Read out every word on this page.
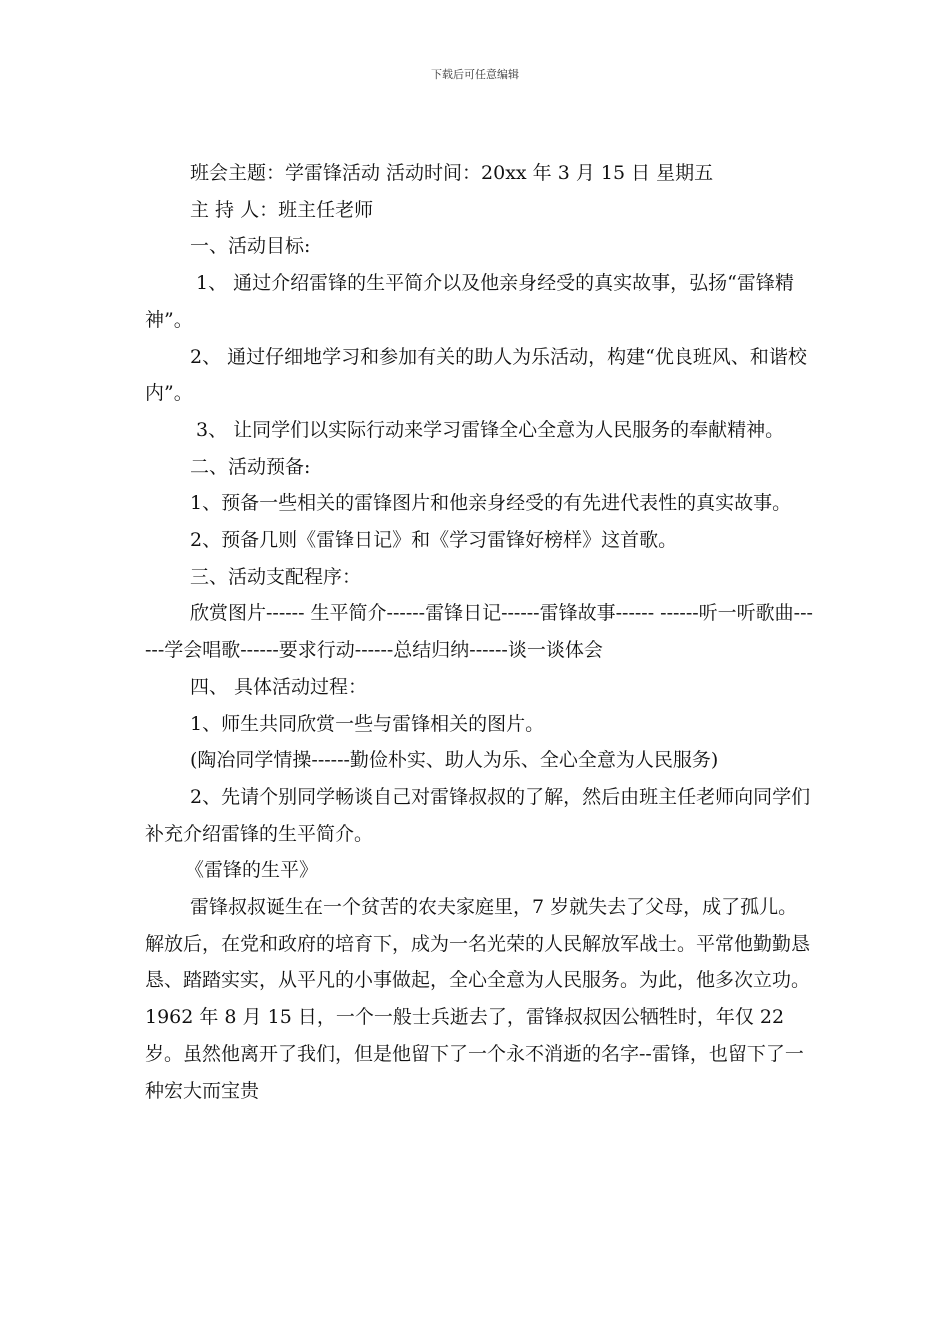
下载后可任意编辑

班会主题：学雷锋活动 活动时间：20xx 年 3 月 15 日 星期五

主 持 人：班主任老师

一、活动目标:

1、 通过介绍雷锋的生平简介以及他亲身经受的真实故事，弘扬“雷锋精神”。

2、 通过仔细地学习和参加有关的助人为乐活动，构建“优良班风、和谐校内”。

3、 让同学们以实际行动来学习雷锋全心全意为人民服务的奉献精神。

二、活动预备:

1、预备一些相关的雷锋图片和他亲身经受的有先进代表性的真实故事。

2、预备几则《雷锋日记》和《学习雷锋好榜样》这首歌。

三、活动支配程序：

欣赏图片------ 生平简介------雷锋日记------雷锋故事------ ------听一听歌曲------学会唱歌------要求行动------总结归纳------谈一谈体会

四、 具体活动过程：

1、师生共同欣赏一些与雷锋相关的图片。

(陶冶同学情操------勤俭朴实、助人为乐、全心全意为人民服务)

2、先请个别同学畅谈自己对雷锋叔叔的了解，然后由班主任老师向同学们补充介绍雷锋的生平简介。

《雷锋的生平》

雷锋叔叔诞生在一个贫苦的农夫家庭里，7 岁就失去了父母，成了孤儿。解放后，在党和政府的培育下，成为一名光荣的人民解放军战士。平常他勤勤恳恳、踏踏实实，从平凡的小事做起，全心全意为人民服务。为此，他多次立功。1962 年 8 月 15 日，一个一般士兵逝去了，雷锋叔叔因公牺牲时，年仅 22 岁。虽然他离开了我们，但是他留下了一个永不消逝的名字--雷锋，也留下了一种宏大而宝贵
